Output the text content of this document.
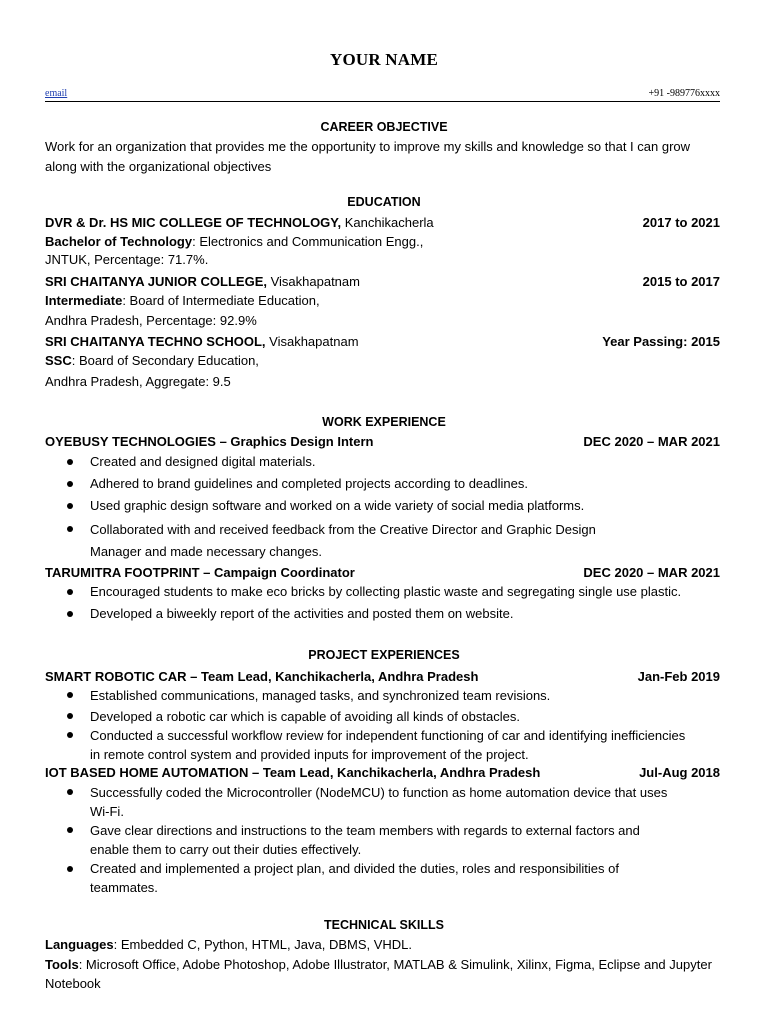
YOUR NAME
email	+91 -989776xxxx
CAREER OBJECTIVE
Work for an organization that provides me the opportunity to improve my skills and knowledge so that I can grow along with the organizational objectives
EDUCATION
DVR & Dr. HS MIC COLLEGE OF TECHNOLOGY, Kanchikacherla	2017 to 2021
Bachelor of Technology: Electronics and Communication Engg.,
JNTUK, Percentage: 71.7%.
SRI CHAITANYA JUNIOR COLLEGE, Visakhapatnam	2015 to 2017
Intermediate: Board of Intermediate Education,
Andhra Pradesh, Percentage: 92.9%
SRI CHAITANYA TECHNO SCHOOL, Visakhapatnam	Year Passing: 2015
SSC: Board of Secondary Education,
Andhra Pradesh, Aggregate: 9.5
WORK EXPERIENCE
OYEBUSY TECHNOLOGIES – Graphics Design Intern	DEC 2020 – MAR 2021
Created and designed digital materials.
Adhered to brand guidelines and completed projects according to deadlines.
Used graphic design software and worked on a wide variety of social media platforms.
Collaborated with and received feedback from the Creative Director and Graphic Design Manager and made necessary changes.
TARUMITRA FOOTPRINT – Campaign Coordinator	DEC 2020 – MAR 2021
Encouraged students to make eco bricks by collecting plastic waste and segregating single use plastic.
Developed a biweekly report of the activities and posted them on website.
PROJECT EXPERIENCES
SMART ROBOTIC CAR – Team Lead, Kanchikacherla, Andhra Pradesh	Jan-Feb 2019
Established communications, managed tasks, and synchronized team revisions.
Developed a robotic car which is capable of avoiding all kinds of obstacles.
Conducted a successful workflow review for independent functioning of car and identifying inefficiencies in remote control system and provided inputs for improvement of the project.
IOT BASED HOME AUTOMATION – Team Lead, Kanchikacherla, Andhra Pradesh	Jul-Aug 2018
Successfully coded the Microcontroller (NodeMCU) to function as home automation device that uses Wi-Fi.
Gave clear directions and instructions to the team members with regards to external factors and enable them to carry out their duties effectively.
Created and implemented a project plan, and divided the duties, roles and responsibilities of teammates.
TECHNICAL SKILLS
Languages: Embedded C, Python, HTML, Java, DBMS, VHDL.
Tools: Microsoft Office, Adobe Photoshop, Adobe Illustrator, MATLAB & Simulink, Xilinx, Figma, Eclipse and Jupyter Notebook
